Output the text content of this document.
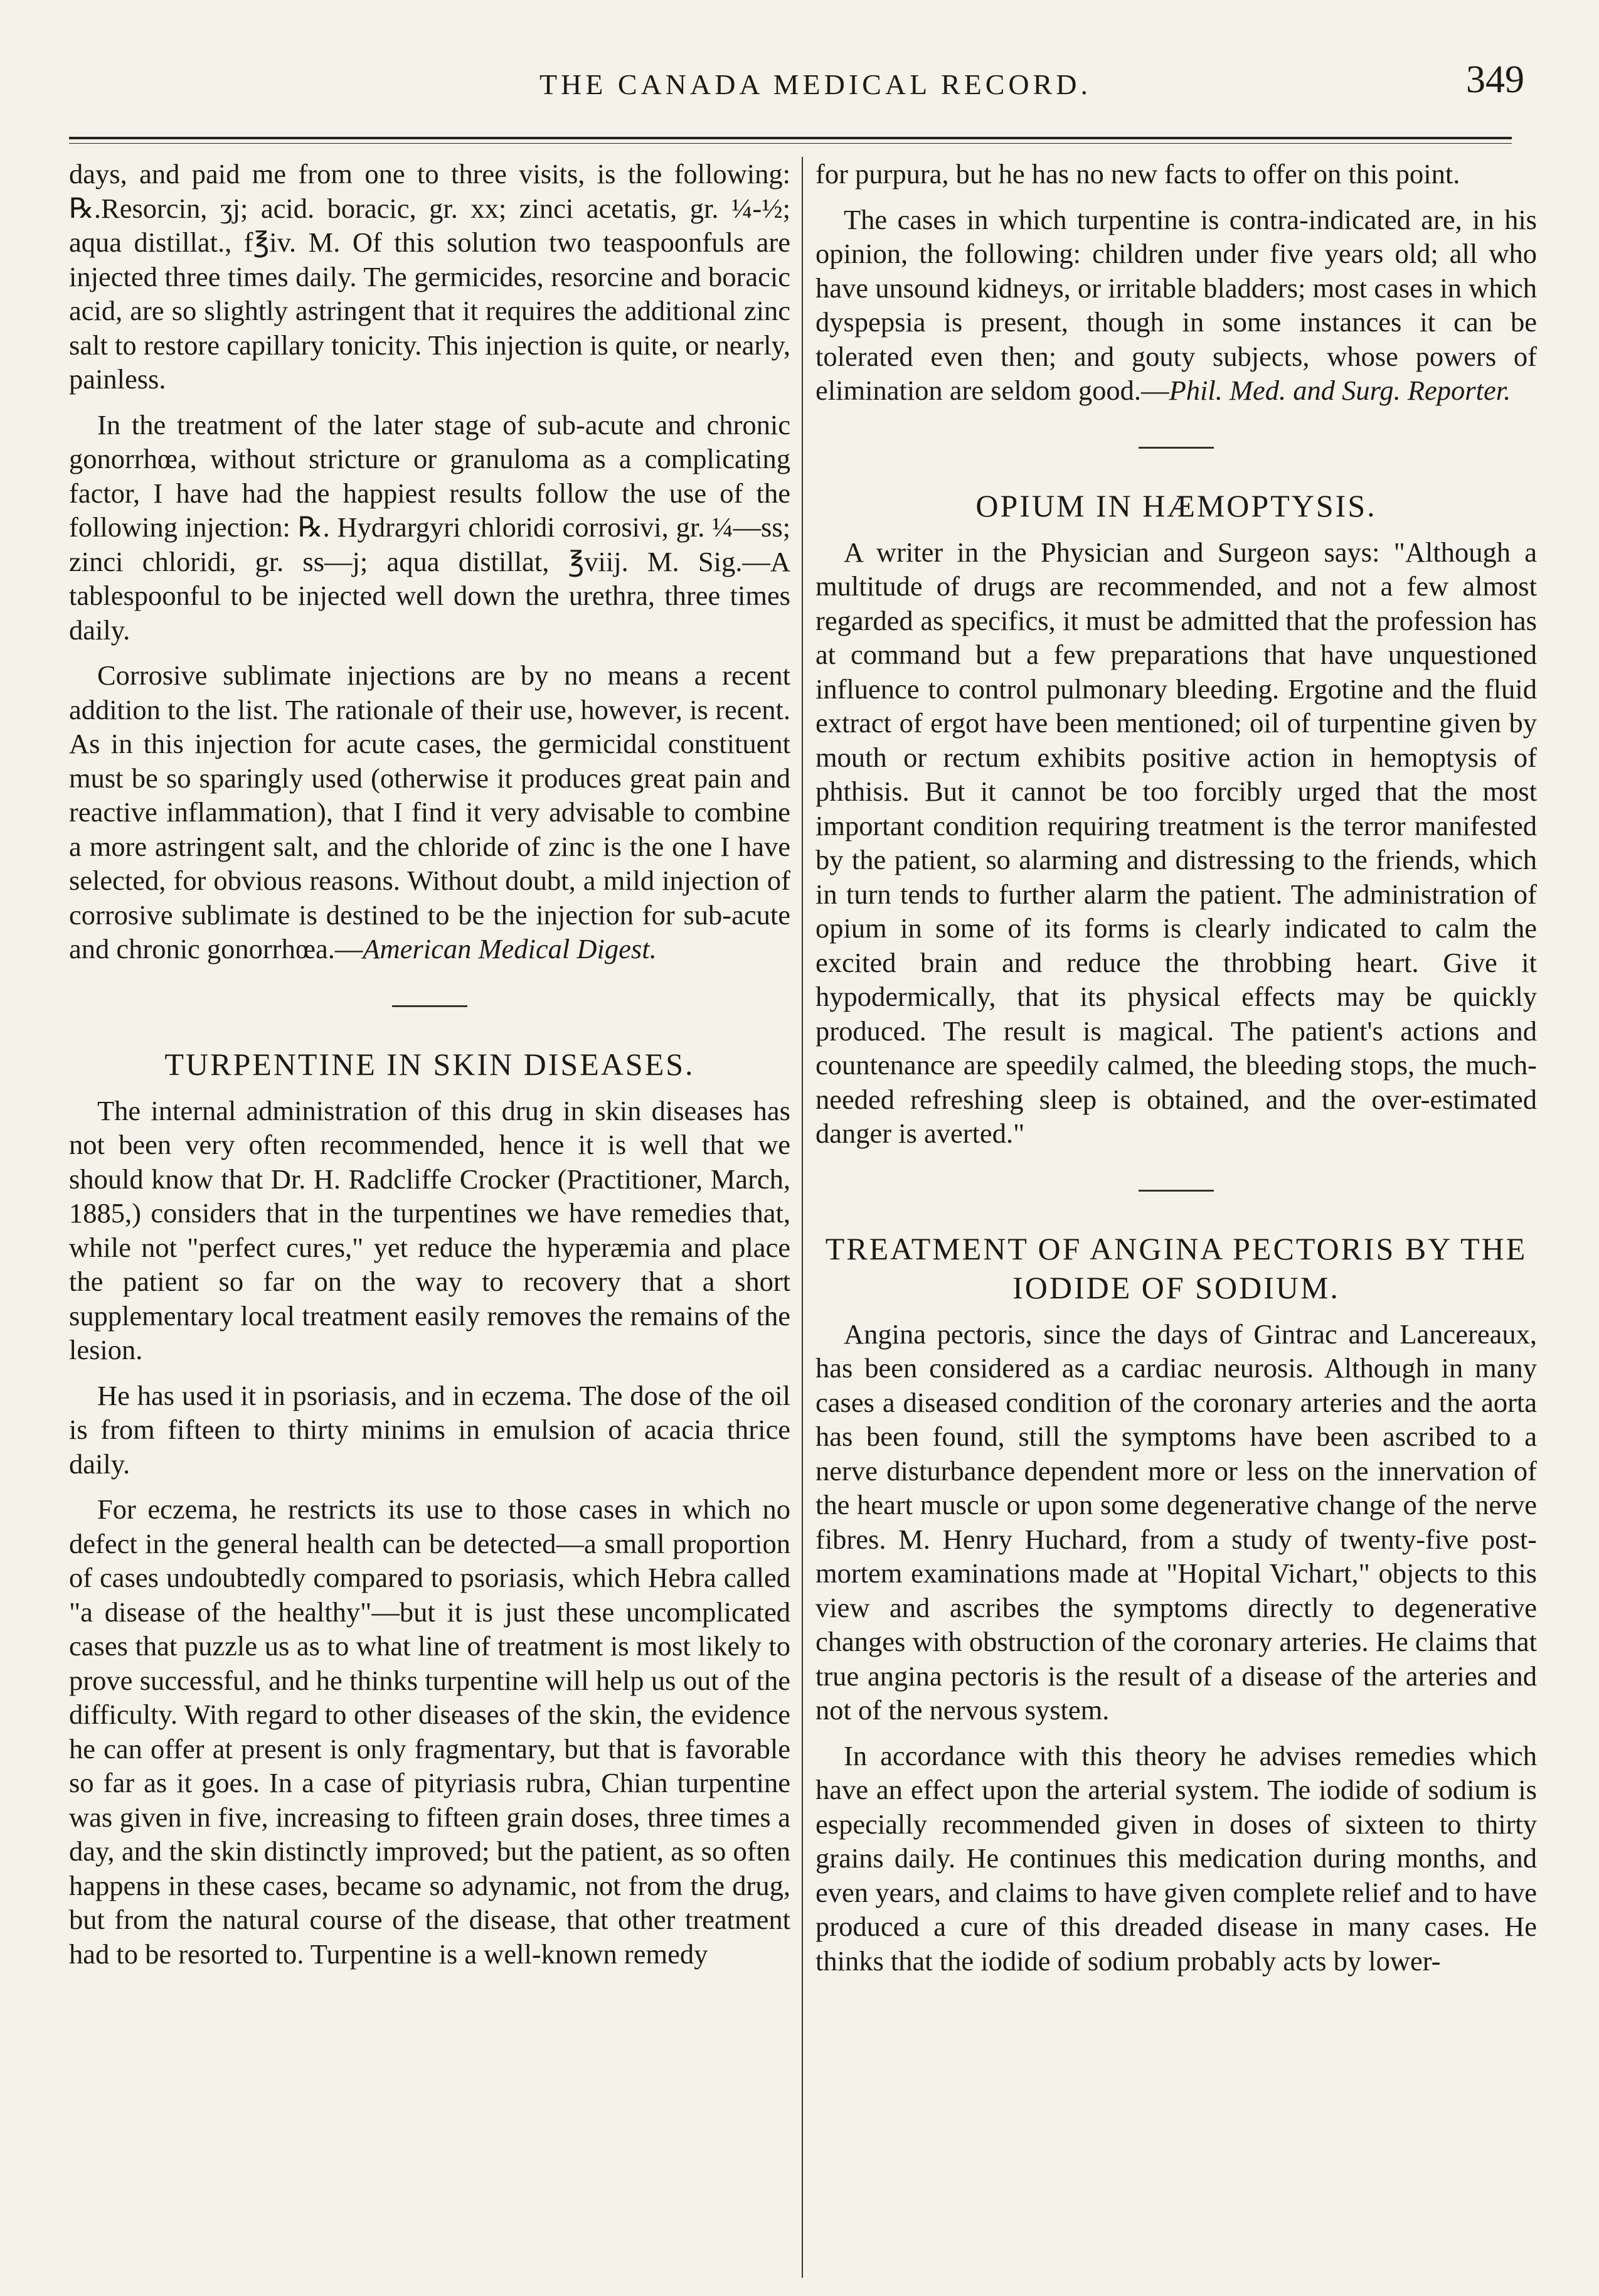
THE CANADA MEDICAL RECORD.	349

days, and paid me from one to three visits, is the following: ℞.Resorcin, ʒj; acid. boracic, gr. xx; zinci acetatis, gr. ¼-½; aqua distillat., f℥iv. M. Of this solution two teaspoonfuls are injected three times daily. The germicides, resorcine and boracic acid, are so slightly astringent that it requires the additional zinc salt to restore capillary tonicity. This injection is quite, or nearly, painless.

In the treatment of the later stage of sub-acute and chronic gonorrhœa, without stricture or granuloma as a complicating factor, I have had the happiest results follow the use of the following injection: ℞. Hydrargyri chloridi corrosivi, gr. ¼—ss; zinci chloridi, gr. ss—j; aqua distillat, ℥viij. M. Sig.—A tablespoonful to be injected well down the urethra, three times daily.

Corrosive sublimate injections are by no means a recent addition to the list. The rationale of their use, however, is recent. As in this injection for acute cases, the germicidal constituent must be so sparingly used (otherwise it produces great pain and reactive inflammation), that I find it very advisable to combine a more astringent salt, and the chloride of zinc is the one I have selected, for obvious reasons. Without doubt, a mild injection of corrosive sublimate is destined to be the injection for sub-acute and chronic gonorrhœa.—American Medical Digest.

TURPENTINE IN SKIN DISEASES.

The internal administration of this drug in skin diseases has not been very often recommended, hence it is well that we should know that Dr. H. Radcliffe Crocker (Practitioner, March, 1885,) considers that in the turpentines we have remedies that, while not "perfect cures," yet reduce the hyperæmia and place the patient so far on the way to recovery that a short supplementary local treatment easily removes the remains of the lesion.

He has used it in psoriasis, and in eczema. The dose of the oil is from fifteen to thirty minims in emulsion of acacia thrice daily.

For eczema, he restricts its use to those cases in which no defect in the general health can be detected—a small proportion of cases undoubtedly compared to psoriasis, which Hebra called "a disease of the healthy"—but it is just these uncomplicated cases that puzzle us as to what line of treatment is most likely to prove successful, and he thinks turpentine will help us out of the difficulty. With regard to other diseases of the skin, the evidence he can offer at present is only fragmentary, but that is favorable so far as it goes. In a case of pityriasis rubra, Chian turpentine was given in five, increasing to fifteen grain doses, three times a day, and the skin distinctly improved; but the patient, as so often happens in these cases, became so adynamic, not from the drug, but from the natural course of the disease, that other treatment had to be resorted to. Turpentine is a well-known remedy

for purpura, but he has no new facts to offer on this point.

The cases in which turpentine is contra-indicated are, in his opinion, the following: children under five years old; all who have unsound kidneys, or irritable bladders; most cases in which dyspepsia is present, though in some instances it can be tolerated even then; and gouty subjects, whose powers of elimination are seldom good.—Phil. Med. and Surg. Reporter.

OPIUM IN HÆMOPTYSIS.

A writer in the Physician and Surgeon says: "Although a multitude of drugs are recommended, and not a few almost regarded as specifics, it must be admitted that the profession has at command but a few preparations that have unquestioned influence to control pulmonary bleeding. Ergotine and the fluid extract of ergot have been mentioned; oil of turpentine given by mouth or rectum exhibits positive action in hemoptysis of phthisis. But it cannot be too forcibly urged that the most important condition requiring treatment is the terror manifested by the patient, so alarming and distressing to the friends, which in turn tends to further alarm the patient. The administration of opium in some of its forms is clearly indicated to calm the excited brain and reduce the throbbing heart. Give it hypodermically, that its physical effects may be quickly produced. The result is magical. The patient's actions and countenance are speedily calmed, the bleeding stops, the much-needed refreshing sleep is obtained, and the over-estimated danger is averted."

TREATMENT OF ANGINA PECTORIS BY THE IODIDE OF SODIUM.

Angina pectoris, since the days of Gintrac and Lancereaux, has been considered as a cardiac neurosis. Although in many cases a diseased condition of the coronary arteries and the aorta has been found, still the symptoms have been ascribed to a nerve disturbance dependent more or less on the innervation of the heart muscle or upon some degenerative change of the nerve fibres. M. Henry Huchard, from a study of twenty-five post-mortem examinations made at "Hopital Vichart," objects to this view and ascribes the symptoms directly to degenerative changes with obstruction of the coronary arteries. He claims that true angina pectoris is the result of a disease of the arteries and not of the nervous system.

In accordance with this theory he advises remedies which have an effect upon the arterial system. The iodide of sodium is especially recommended given in doses of sixteen to thirty grains daily. He continues this medication during months, and even years, and claims to have given complete relief and to have produced a cure of this dreaded disease in many cases. He thinks that the iodide of sodium probably acts by lower-
